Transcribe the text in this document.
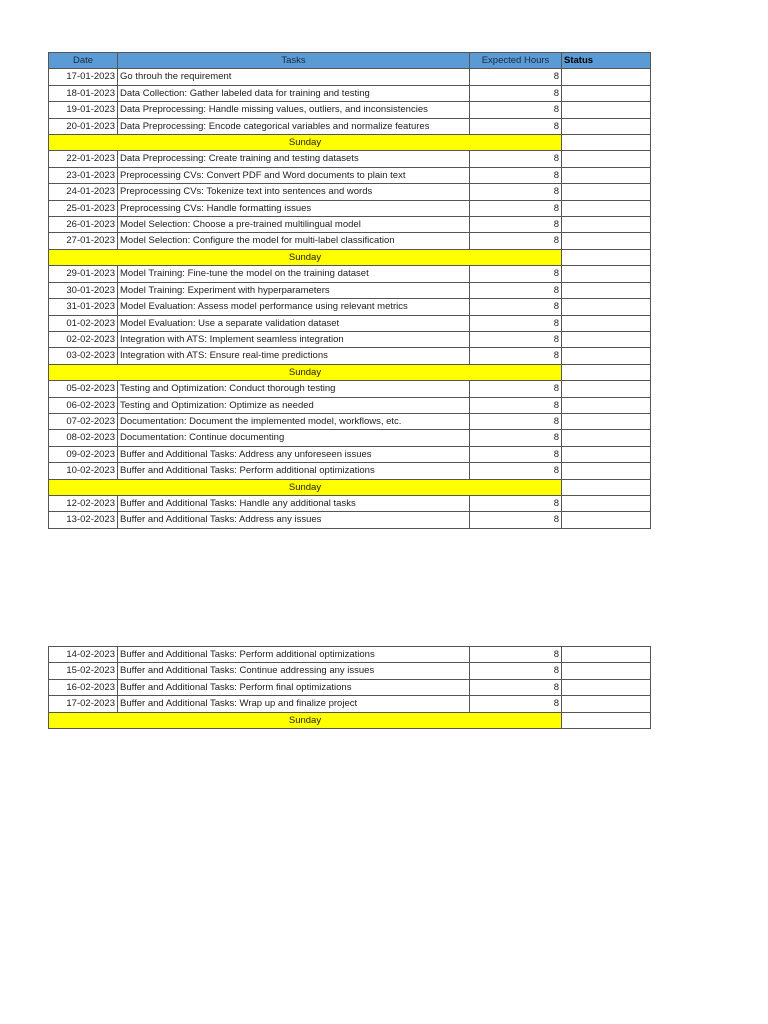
Date	Tasks	Expected Hours	Status
17-01-2023	Go throuh the requirement	8	
18-01-2023	Data Collection: Gather labeled data for training and testing	8	
19-01-2023	Data Preprocessing: Handle missing values, outliers, and inconsistencies	8	
20-01-2023	Data Preprocessing: Encode categorical variables and normalize features	8	
Sunday			
22-01-2023	Data Preprocessing: Create training and testing datasets	8	
23-01-2023	Preprocessing CVs: Convert PDF and Word documents to plain text	8	
24-01-2023	Preprocessing CVs: Tokenize text into sentences and words	8	
25-01-2023	Preprocessing CVs: Handle formatting issues	8	
26-01-2023	Model Selection: Choose a pre-trained multilingual model	8	
27-01-2023	Model Selection: Configure the model for multi-label classification	8	
Sunday			
29-01-2023	Model Training: Fine-tune the model on the training dataset	8	
30-01-2023	Model Training: Experiment with hyperparameters	8	
31-01-2023	Model Evaluation: Assess model performance using relevant metrics	8	
01-02-2023	Model Evaluation: Use a separate validation dataset	8	
02-02-2023	Integration with ATS: Implement seamless integration	8	
03-02-2023	Integration with ATS: Ensure real-time predictions	8	
Sunday			
05-02-2023	Testing and Optimization: Conduct thorough testing	8	
06-02-2023	Testing and Optimization: Optimize as needed	8	
07-02-2023	Documentation: Document the implemented model, workflows, etc.	8	
08-02-2023	Documentation: Continue documenting	8	
09-02-2023	Buffer and Additional Tasks: Address any unforeseen issues	8	
10-02-2023	Buffer and Additional Tasks: Perform additional optimizations	8	
Sunday			
12-02-2023	Buffer and Additional Tasks: Handle any additional tasks	8	
13-02-2023	Buffer and Additional Tasks: Address any issues	8	
14-02-2023	Buffer and Additional Tasks: Perform additional optimizations	8	
15-02-2023	Buffer and Additional Tasks: Continue addressing any issues	8	
16-02-2023	Buffer and Additional Tasks: Perform final optimizations	8	
17-02-2023	Buffer and Additional Tasks: Wrap up and finalize project	8	
Sunday			
